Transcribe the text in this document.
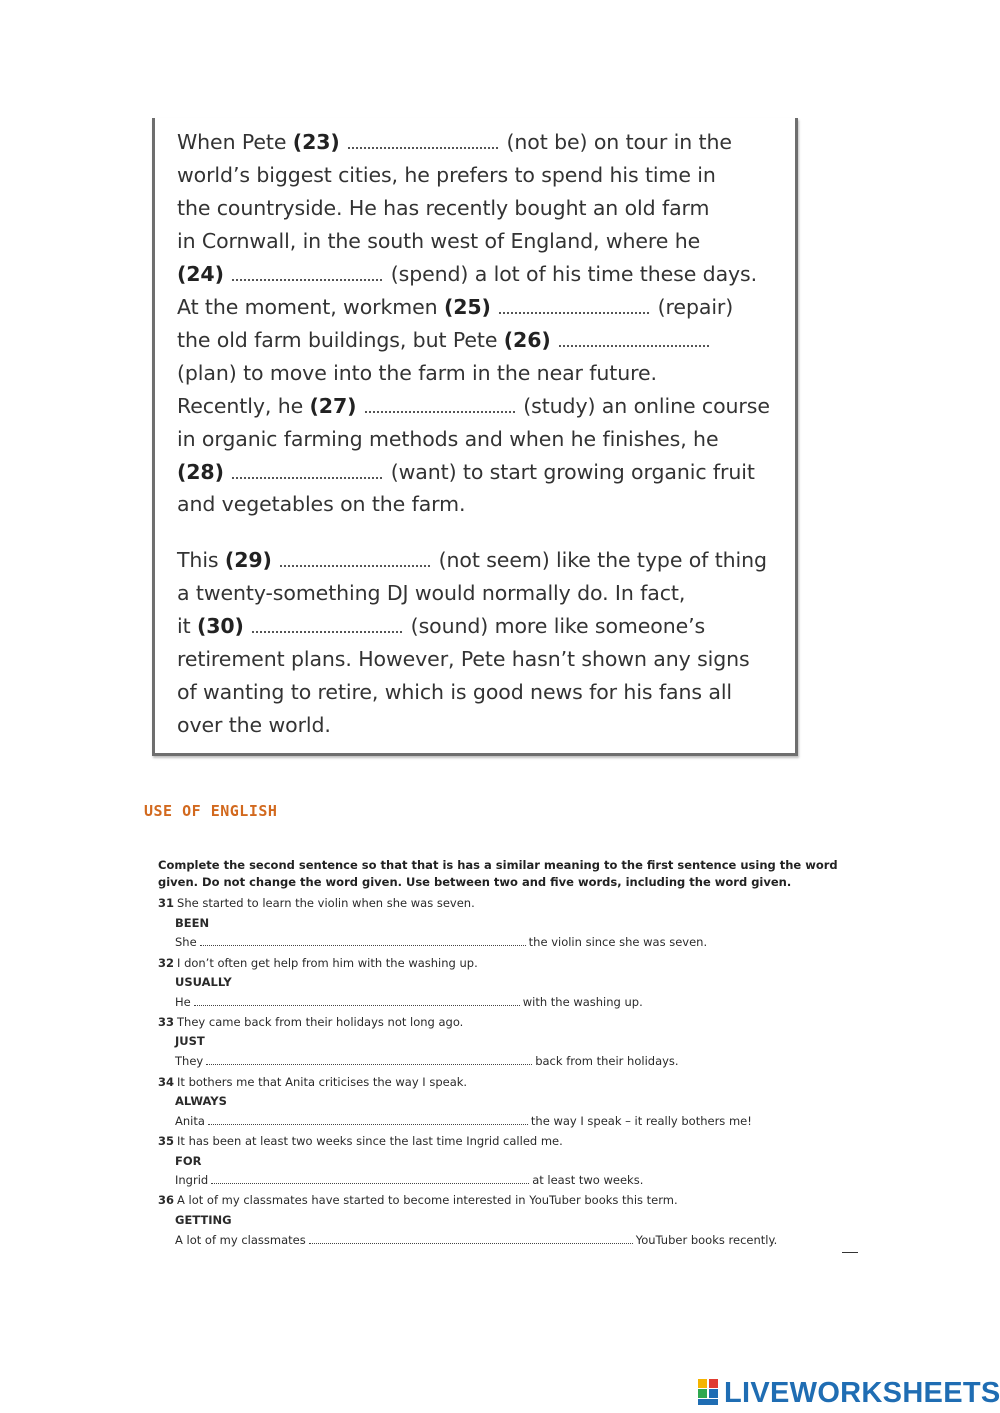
When Pete (23)	(not be) on tour in the
world’s biggest cities, he prefers to spend his time in
the countryside. He has recently bought an old farm
in Cornwall, in the south west of England, where he
(24)	(spend) a lot of his time these days.
At the moment, workmen (25)	(repair)
the old farm buildings, but Pete (26)
(plan) to move into the farm in the near future.
Recently, he (27)	(study) an online course
in organic farming methods and when he finishes, he
(28)	(want) to start growing organic fruit
and vegetables on the farm.
This (29)	(not seem) like the type of thing
a twenty-something DJ would normally do. In fact,
it (30)	(sound) more like someone’s
retirement plans. However, Pete hasn’t shown any signs
of wanting to retire, which is good news for his fans all
over the world.
USE OF ENGLISH
Complete the second sentence so that that is has a similar meaning to the first sentence using the word given. Do not change the word given. Use between two and five words, including the word given.
31 She started to learn the violin when she was seven.
BEEN
She	the violin since she was seven.
32 I don’t often get help from him with the washing up.
USUALLY
He	with the washing up.
33 They came back from their holidays not long ago.
JUST
They	back from their holidays.
34 It bothers me that Anita criticises the way I speak.
ALWAYS
Anita	the way I speak – it really bothers me!
35 It has been at least two weeks since the last time Ingrid called me.
FOR
Ingrid	at least two weeks.
36 A lot of my classmates have started to become interested in YouTuber books this term.
GETTING
A lot of my classmates	YouTuber books recently.
LIVEWORKSHEETS
